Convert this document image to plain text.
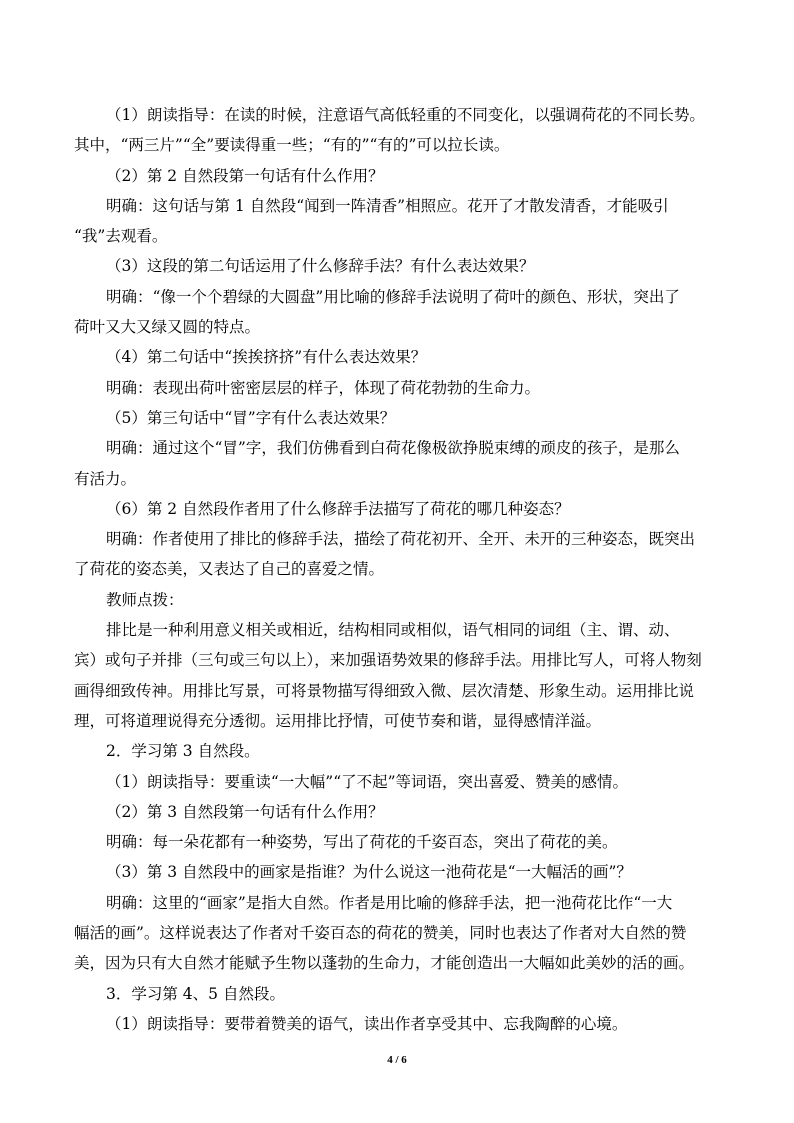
（1）朗读指导：在读的时候，注意语气高低轻重的不同变化，以强调荷花的不同长势。
其中，“两三片”“全”要读得重一些；“有的”“有的”可以拉长读。
（2）第 2 自然段第一句话有什么作用？
明确：这句话与第 1 自然段“闻到一阵清香”相照应。花开了才散发清香，才能吸引
“我”去观看。
（3）这段的第二句话运用了什么修辞手法？有什么表达效果？
明确：“像一个个碧绿的大圆盘”用比喻的修辞手法说明了荷叶的颜色、形状，突出了
荷叶又大又绿又圆的特点。
（4）第二句话中“挨挨挤挤”有什么表达效果？
明确：表现出荷叶密密层层的样子，体现了荷花勃勃的生命力。
（5）第三句话中“冒”字有什么表达效果？
明确：通过这个“冒”字，我们仿佛看到白荷花像极欲挣脱束缚的顽皮的孩子，是那么
有活力。
（6）第 2 自然段作者用了什么修辞手法描写了荷花的哪几种姿态？
明确：作者使用了排比的修辞手法，描绘了荷花初开、全开、未开的三种姿态，既突出
了荷花的姿态美，又表达了自己的喜爱之情。
教师点拨：
排比是一种利用意义相关或相近，结构相同或相似，语气相同的词组（主、谓、动、
宾）或句子并排（三句或三句以上），来加强语势效果的修辞手法。用排比写人，可将人物刻
画得细致传神。用排比写景，可将景物描写得细致入微、层次清楚、形象生动。运用排比说
理，可将道理说得充分透彻。运用排比抒情，可使节奏和谐，显得感情洋溢。
2．学习第 3 自然段。
（1）朗读指导：要重读“一大幅”“了不起”等词语，突出喜爱、赞美的感情。
（2）第 3 自然段第一句话有什么作用？
明确：每一朵花都有一种姿势，写出了荷花的千姿百态，突出了荷花的美。
（3）第 3 自然段中的画家是指谁？为什么说这一池荷花是“一大幅活的画”？
明确：这里的“画家”是指大自然。作者是用比喻的修辞手法，把一池荷花比作“一大
幅活的画”。这样说表达了作者对千姿百态的荷花的赞美，同时也表达了作者对大自然的赞
美，因为只有大自然才能赋予生物以蓬勃的生命力，才能创造出一大幅如此美妙的活的画。
3．学习第 4、5 自然段。
（1）朗读指导：要带着赞美的语气，读出作者享受其中、忘我陶醉的心境。
4 / 6
